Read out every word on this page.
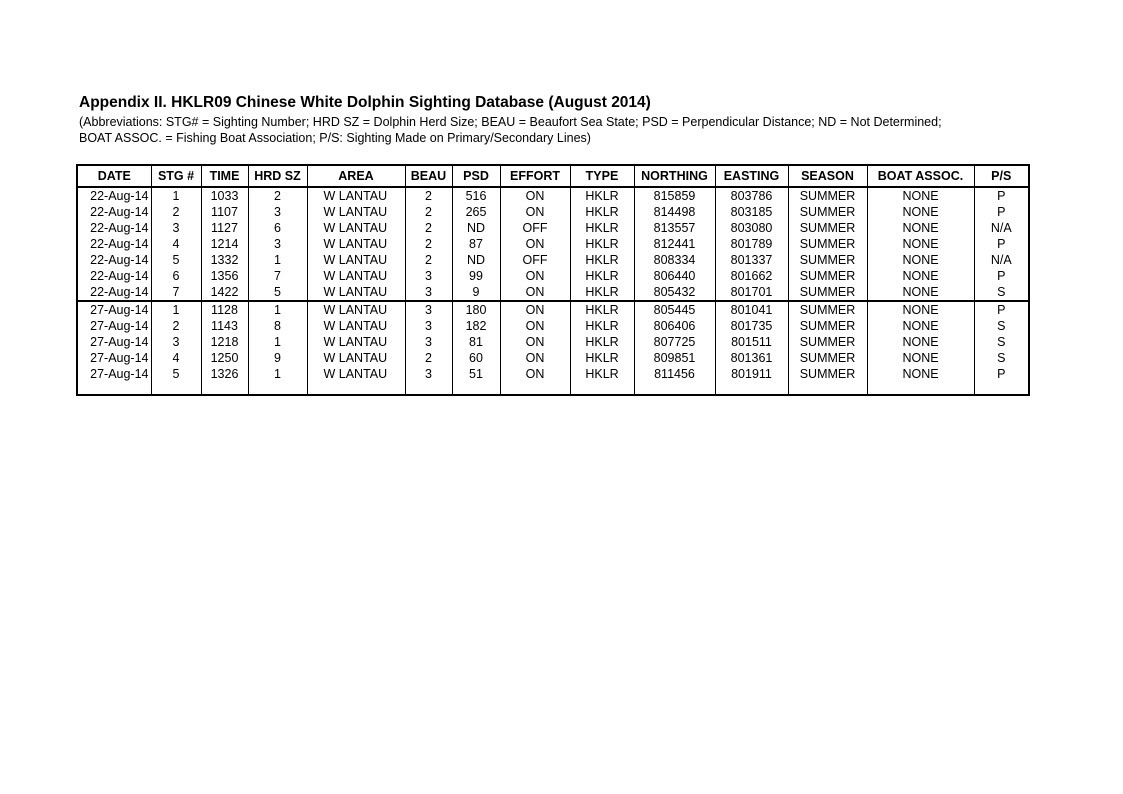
Appendix II. HKLR09 Chinese White Dolphin Sighting Database (August 2014)
(Abbreviations: STG# = Sighting Number; HRD SZ = Dolphin Herd Size; BEAU = Beaufort Sea State; PSD = Perpendicular Distance; ND = Not Determined;
BOAT ASSOC. = Fishing Boat Association; P/S: Sighting Made on Primary/Secondary Lines)
DATE	STG #	TIME	HRD SZ	AREA	BEAU	PSD	EFFORT	TYPE	NORTHING	EASTING	SEASON	BOAT ASSOC.	P/S
22-Aug-14	1	1033	2	W LANTAU	2	516	ON	HKLR	815859	803786	SUMMER	NONE	P
22-Aug-14	2	1107	3	W LANTAU	2	265	ON	HKLR	814498	803185	SUMMER	NONE	P
22-Aug-14	3	1127	6	W LANTAU	2	ND	OFF	HKLR	813557	803080	SUMMER	NONE	N/A
22-Aug-14	4	1214	3	W LANTAU	2	87	ON	HKLR	812441	801789	SUMMER	NONE	P
22-Aug-14	5	1332	1	W LANTAU	2	ND	OFF	HKLR	808334	801337	SUMMER	NONE	N/A
22-Aug-14	6	1356	7	W LANTAU	3	99	ON	HKLR	806440	801662	SUMMER	NONE	P
22-Aug-14	7	1422	5	W LANTAU	3	9	ON	HKLR	805432	801701	SUMMER	NONE	S
27-Aug-14	1	1128	1	W LANTAU	3	180	ON	HKLR	805445	801041	SUMMER	NONE	P
27-Aug-14	2	1143	8	W LANTAU	3	182	ON	HKLR	806406	801735	SUMMER	NONE	S
27-Aug-14	3	1218	1	W LANTAU	3	81	ON	HKLR	807725	801511	SUMMER	NONE	S
27-Aug-14	4	1250	9	W LANTAU	2	60	ON	HKLR	809851	801361	SUMMER	NONE	S
27-Aug-14	5	1326	1	W LANTAU	3	51	ON	HKLR	811456	801911	SUMMER	NONE	P
